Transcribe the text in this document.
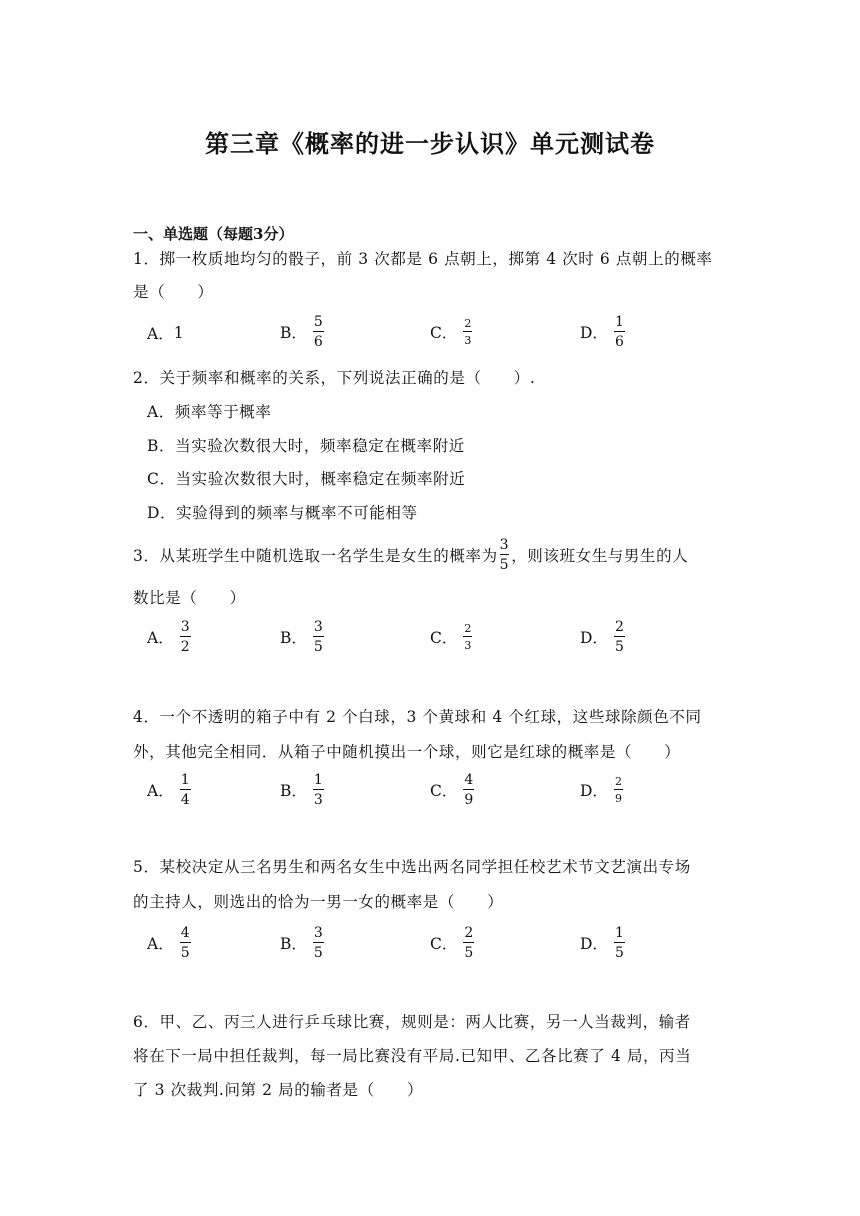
第三章《概率的进一步认识》单元测试卷
一、单选题（每题3分）
1．掷一枚质地均匀的骰子，前 3 次都是 6 点朝上，掷第 4 次时 6 点朝上的概率
是（　　）
A． 1	B． $\frac{5}{6}$	C． $\frac{2}{3}$	D． $\frac{1}{6}$
2．关于频率和概率的关系，下列说法正确的是（　　）.
A．频率等于概率
B．当实验次数很大时，频率稳定在概率附近
C．当实验次数很大时，概率稳定在频率附近
D．实验得到的频率与概率不可能相等
3．从某班学生中随机选取一名学生是女生的概率为 $\frac{3}{5}$ ，则该班女生与男生的人
数比是（　　）
A． $\frac{3}{2}$	B． $\frac{3}{5}$	C． $\frac{2}{3}$	D． $\frac{2}{5}$
4．一个不透明的箱子中有 2 个白球，3 个黄球和 4 个红球，这些球除颜色不同
外，其他完全相同．从箱子中随机摸出一个球，则它是红球的概率是（　　）
A． $\frac{1}{4}$	B． $\frac{1}{3}$	C． $\frac{4}{9}$	D． $\frac{2}{9}$
5．某校决定从三名男生和两名女生中选出两名同学担任校艺术节文艺演出专场
的主持人，则选出的恰为一男一女的概率是（　　）
A． $\frac{4}{5}$	B． $\frac{3}{5}$	C． $\frac{2}{5}$	D． $\frac{1}{5}$
6．甲、乙、丙三人进行乒乓球比赛，规则是：两人比赛，另一人当裁判，输者
将在下一局中担任裁判，每一局比赛没有平局.已知甲、乙各比赛了 4 局，丙当
了 3 次裁判.问第 2 局的输者是（　　）
